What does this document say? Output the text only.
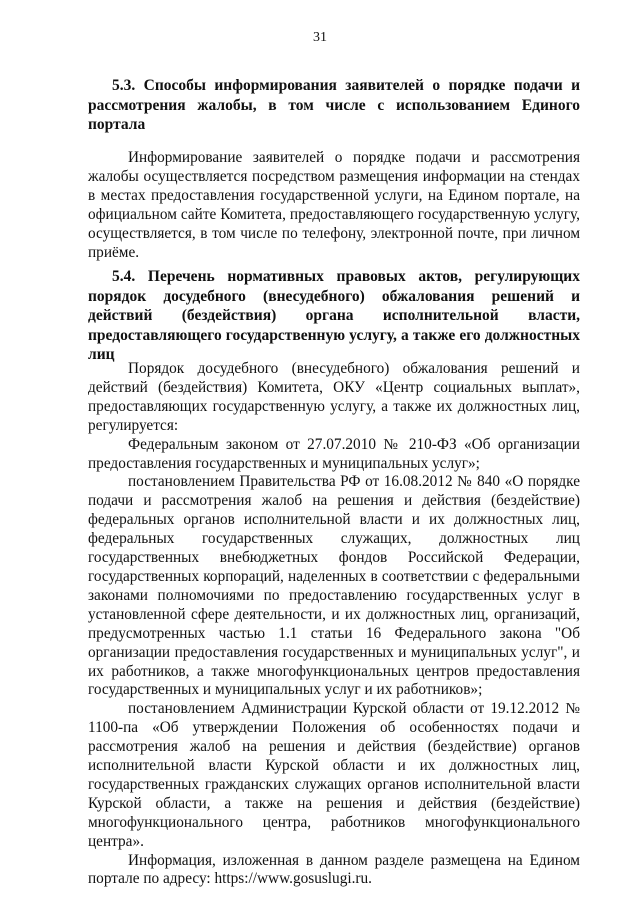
31

5.3. Способы информирования заявителей о порядке подачи и рассмотрения жалобы, в том числе с использованием Единого портала

Информирование заявителей о порядке подачи и рассмотрения жалобы осуществляется посредством размещения информации на стендах в местах предоставления государственной услуги, на Едином портале, на официальном сайте Комитета, предоставляющего государственную услугу, осуществляется, в том числе по телефону, электронной почте, при личном приёме.

5.4. Перечень нормативных правовых актов, регулирующих порядок досудебного (внесудебного) обжалования решений и действий (бездействия) органа исполнительной власти, предоставляющего государственную услугу, а также его должностных лиц

Порядок досудебного (внесудебного) обжалования решений и действий (бездействия) Комитета, ОКУ «Центр социальных выплат», предоставляющих государственную услугу, а также их должностных лиц, регулируется:

Федеральным законом от 27.07.2010 № 210-ФЗ «Об организации предоставления государственных и муниципальных услуг»;

постановлением Правительства РФ от 16.08.2012 № 840 «О порядке подачи и рассмотрения жалоб на решения и действия (бездействие) федеральных органов исполнительной власти и их должностных лиц, федеральных государственных служащих, должностных лиц государственных внебюджетных фондов Российской Федерации, государственных корпораций, наделенных в соответствии с федеральными законами полномочиями по предоставлению государственных услуг в установленной сфере деятельности, и их должностных лиц, организаций, предусмотренных частью 1.1 статьи 16 Федерального закона "Об организации предоставления государственных и муниципальных услуг", и их работников, а также многофункциональных центров предоставления государственных и муниципальных услуг и их работников»;

постановлением Администрации Курской области от 19.12.2012 № 1100-па «Об утверждении Положения об особенностях подачи и рассмотрения жалоб на решения и действия (бездействие) органов исполнительной власти Курской области и их должностных лиц, государственных гражданских служащих органов исполнительной власти Курской области, а также на решения и действия (бездействие) многофункционального центра, работников многофункционального центра».

Информация, изложенная в данном разделе размещена на Едином портале по адресу: https://www.gosuslugi.ru.
